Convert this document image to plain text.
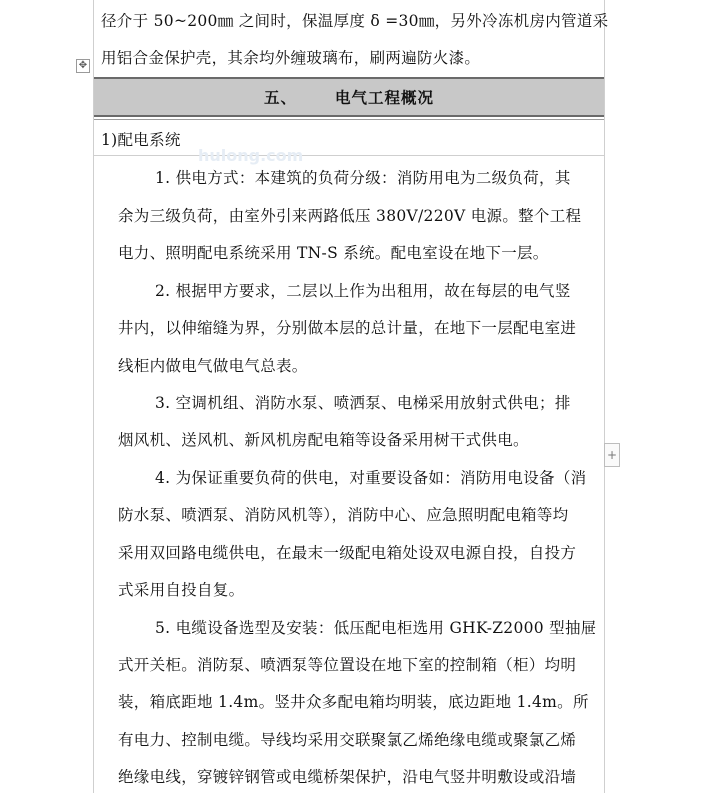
径介于 50~200㎜ 之间时，保温厚度 δ =30㎜，另外冷冻机房内管道采
用铝合金保护壳，其余均外缠玻璃布，刷两遍防火漆。
✥
五、 电气工程概况
1)配电系统
hulong.com
1. 供电方式：本建筑的负荷分级：消防用电为二级负荷，其
余为三级负荷，由室外引来两路低压 380V/220V 电源。整个工程
电力、照明配电系统采用 TN-S 系统。配电室设在地下一层。
2. 根据甲方要求，二层以上作为出租用，故在每层的电气竖
井内，以伸缩缝为界，分别做本层的总计量，在地下一层配电室进
线柜内做电气做电气总表。
3. 空调机组、消防水泵、喷洒泵、电梯采用放射式供电；排
烟风机、送风机、新风机房配电箱等设备采用树干式供电。
+
4. 为保证重要负荷的供电，对重要设备如：消防用电设备（消
防水泵、喷洒泵、消防风机等），消防中心、应急照明配电箱等均
采用双回路电缆供电，在最末一级配电箱处设双电源自投，自投方
式采用自投自复。
5. 电缆设备选型及安装：低压配电柜选用 GHK-Z2000 型抽屉
式开关柜。消防泵、喷洒泵等位置设在地下室的控制箱（柜）均明
装，箱底距地 1.4m。竖井众多配电箱均明装，底边距地 1.4m。所
有电力、控制电缆。导线均采用交联聚氯乙烯绝缘电缆或聚氯乙烯
绝缘电线，穿镀锌钢管或电缆桥架保护，沿电气竖井明敷设或沿墙
